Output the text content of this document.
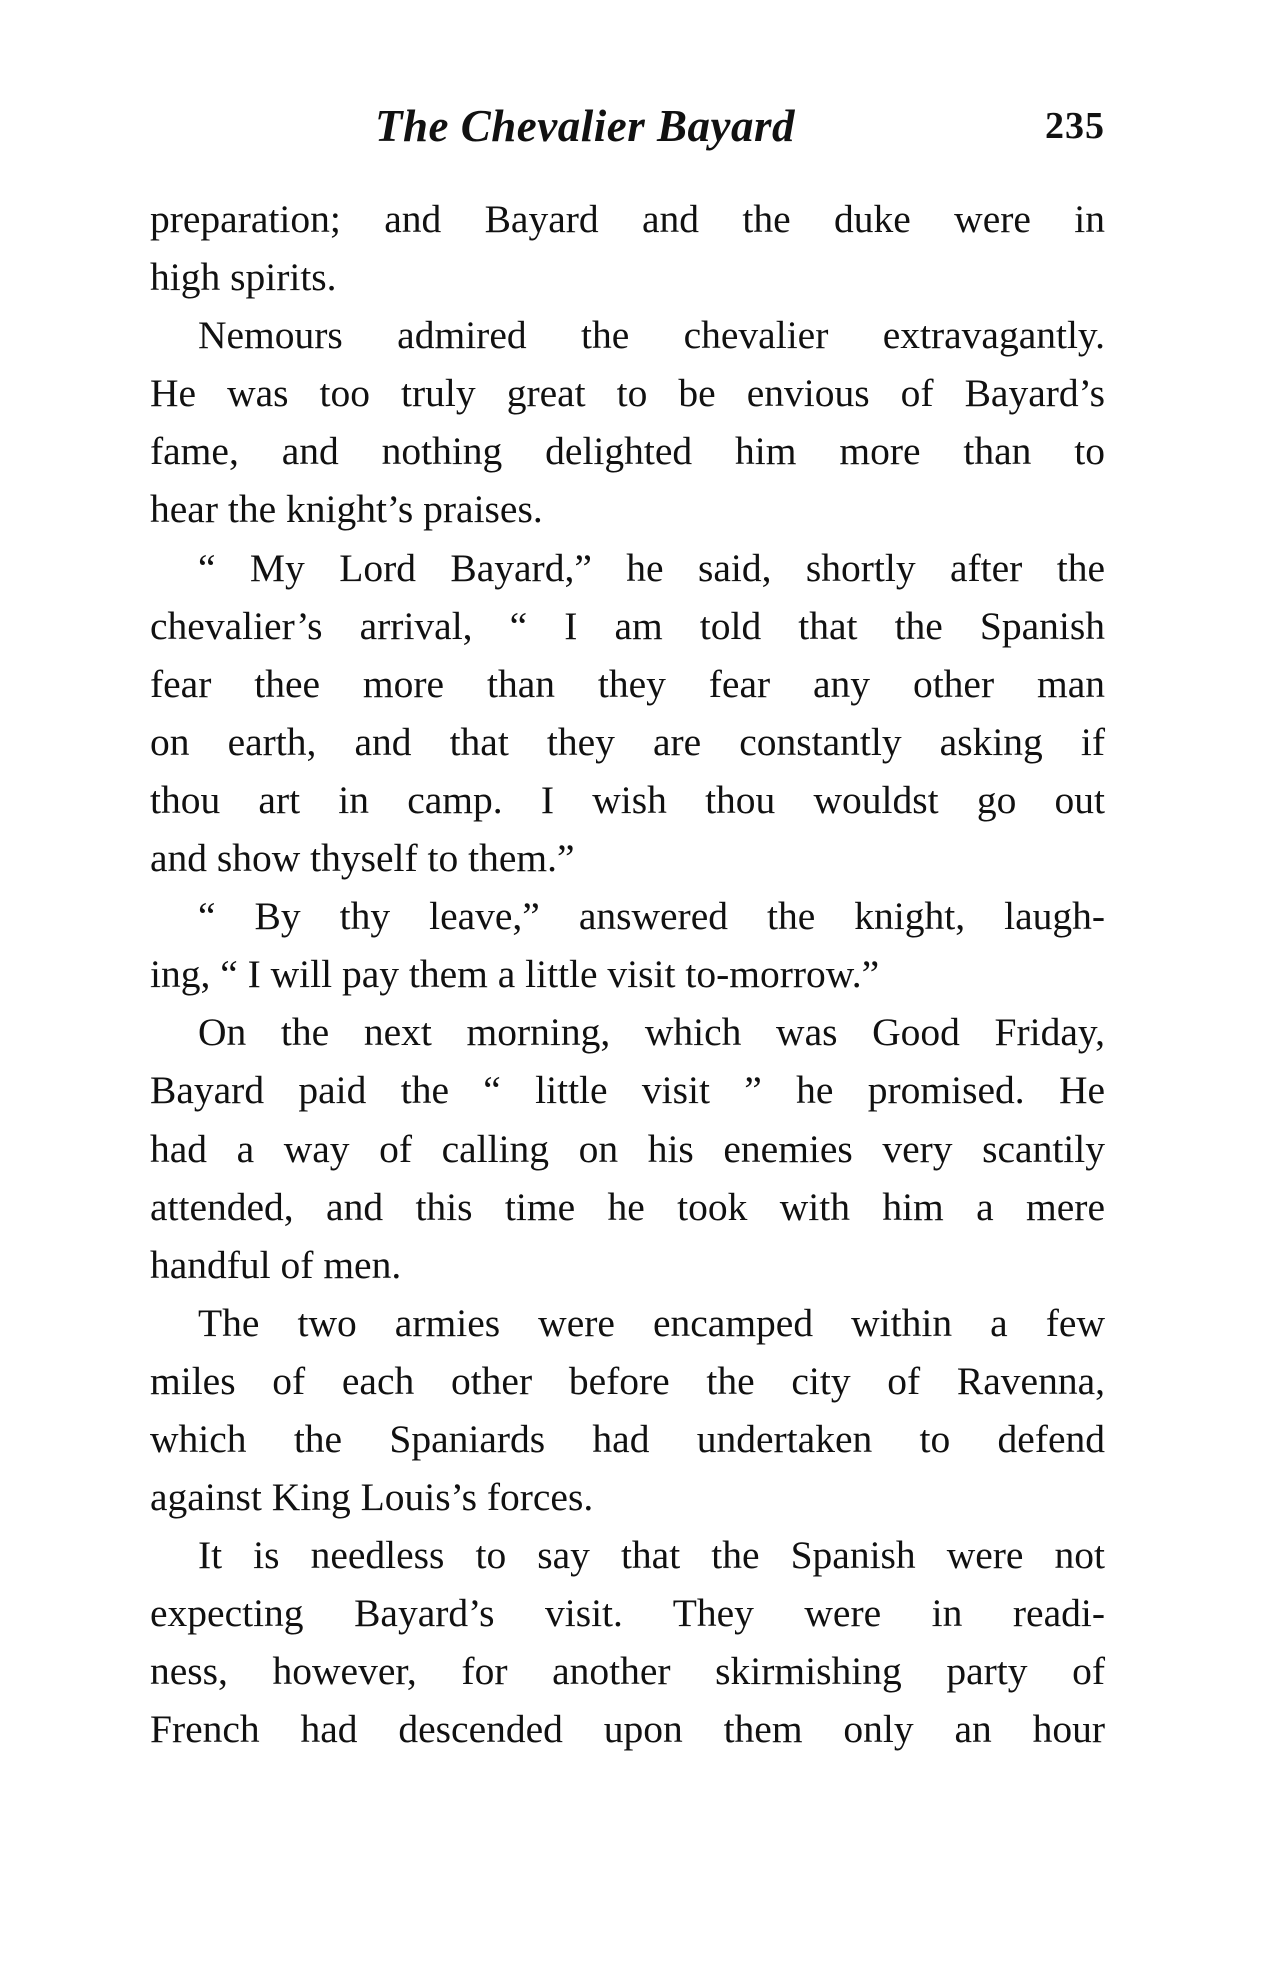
The Chevalier Bayard	235

preparation; and Bayard and the duke were in
high spirits.

Nemours admired the chevalier extravagantly.
He was too truly great to be envious of Bayard’s
fame, and nothing delighted him more than to
hear the knight’s praises.

“ My Lord Bayard,” he said, shortly after the
chevalier’s arrival, “ I am told that the Spanish
fear thee more than they fear any other man
on earth, and that they are constantly asking if
thou art in camp. I wish thou wouldst go out
and show thyself to them.”

“ By thy leave,” answered the knight, laugh-
ing, “ I will pay them a little visit to-morrow.”

On the next morning, which was Good Friday,
Bayard paid the “ little visit ” he promised. He
had a way of calling on his enemies very scantily
attended, and this time he took with him a mere
handful of men.

The two armies were encamped within a few
miles of each other before the city of Ravenna,
which the Spaniards had undertaken to defend
against King Louis’s forces.

It is needless to say that the Spanish were not
expecting Bayard’s visit. They were in readi-
ness, however, for another skirmishing party of
French had descended upon them only an hour
